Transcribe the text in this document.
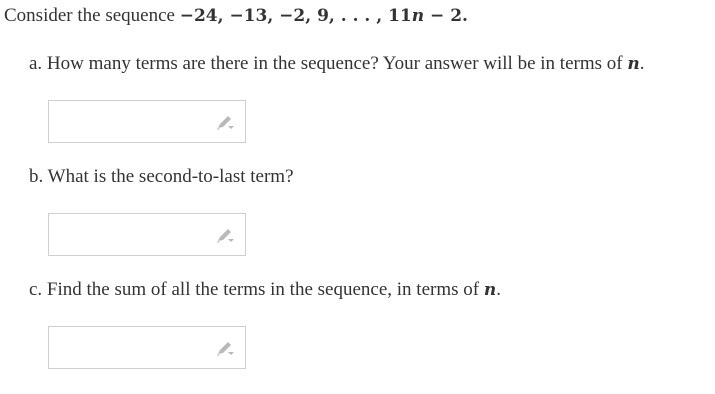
Consider the sequence −24, −13, −2, 9, . . . , 11n − 2.
a. How many terms are there in the sequence? Your answer will be in terms of n.
b. What is the second-to-last term?
c. Find the sum of all the terms in the sequence, in terms of n.
